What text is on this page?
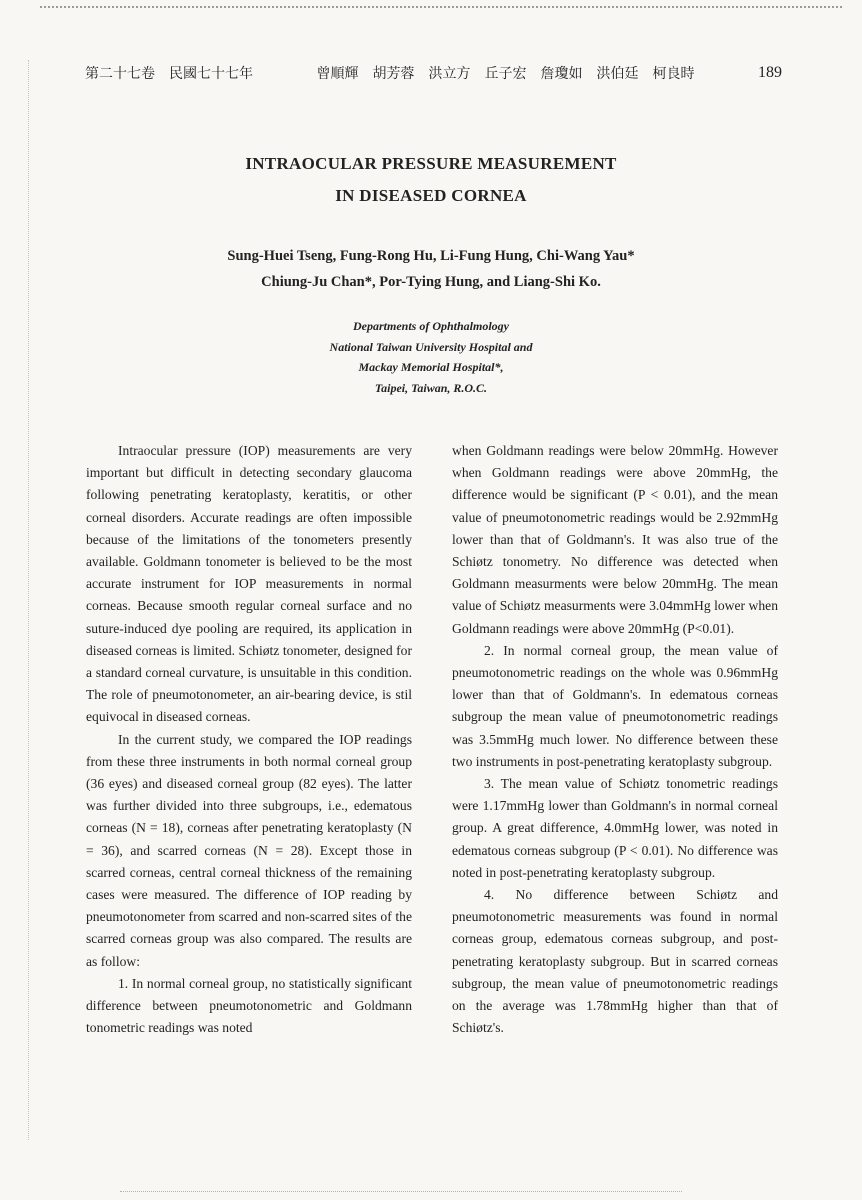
第二十七卷 民國七十七年	曾順輝 胡芳蓉 洪立方 丘子宏 詹瓊如 洪伯廷 柯良時	189
INTRAOCULAR PRESSURE MEASUREMENT
IN DISEASED CORNEA
Sung-Huei Tseng, Fung-Rong Hu, Li-Fung Hung, Chi-Wang Yau*
Chiung-Ju Chan*, Por-Tying Hung, and Liang-Shi Ko.
Departments of Ophthalmology
National Taiwan University Hospital and
Mackay Memorial Hospital*,
Taipei, Taiwan, R.O.C.

Intraocular pressure (IOP) measurements are very important but difficult in detecting secondary glaucoma following penetrating keratoplasty, keratitis, or other corneal disorders. Accurate readings are often impossible because of the limitations of the tonometers presently available. Goldmann tonometer is believed to be the most accurate instrument for IOP measurements in normal corneas. Because smooth regular corneal surface and no suture-induced dye pooling are required, its application in diseased corneas is limited. Schiøtz tonometer, designed for a standard corneal curvature, is unsuitable in this condition. The role of pneumotonometer, an air-bearing device, is stil equivocal in diseased corneas.

In the current study, we compared the IOP readings from these three instruments in both normal corneal group (36 eyes) and diseased corneal group (82 eyes). The latter was further divided into three subgroups, i.e., edematous corneas (N = 18), corneas after penetrating keratoplasty (N = 36), and scarred corneas (N = 28). Except those in scarred corneas, central corneal thickness of the remaining cases were measured. The difference of IOP reading by pneumotonometer from scarred and non-scarred sites of the scarred corneas group was also compared. The results are as follow:

1. In normal corneal group, no statistically significant difference between pneumotonometric and Goldmann tonometric readings was noted

when Goldmann readings were below 20mmHg. However when Goldmann readings were above 20mmHg, the difference would be significant (P < 0.01), and the mean value of pneumotonometric readings would be 2.92mmHg lower than that of Goldmann's. It was also true of the Schiøtz tonometry. No difference was detected when Goldmann measurments were below 20mmHg. The mean value of Schiøtz measurments were 3.04mmHg lower when Goldmann readings were above 20mmHg (P<0.01).

2. In normal corneal group, the mean value of pneumotonometric readings on the whole was 0.96mmHg lower than that of Goldmann's. In edematous corneas subgroup the mean value of pneumotonometric readings was 3.5mmHg much lower. No difference between these two instruments in post-penetrating keratoplasty subgroup.

3. The mean value of Schiøtz tonometric readings were 1.17mmHg lower than Goldmann's in normal corneal group. A great difference, 4.0mmHg lower, was noted in edematous corneas subgroup (P < 0.01). No difference was noted in post-penetrating keratoplasty subgroup.

4. No difference between Schiøtz and pneumotonometric measurements was found in normal corneas group, edematous corneas subgroup, and post-penetrating keratoplasty subgroup. But in scarred corneas subgroup, the mean value of pneumotonometric readings on the average was 1.78mmHg higher than that of Schiøtz's.
